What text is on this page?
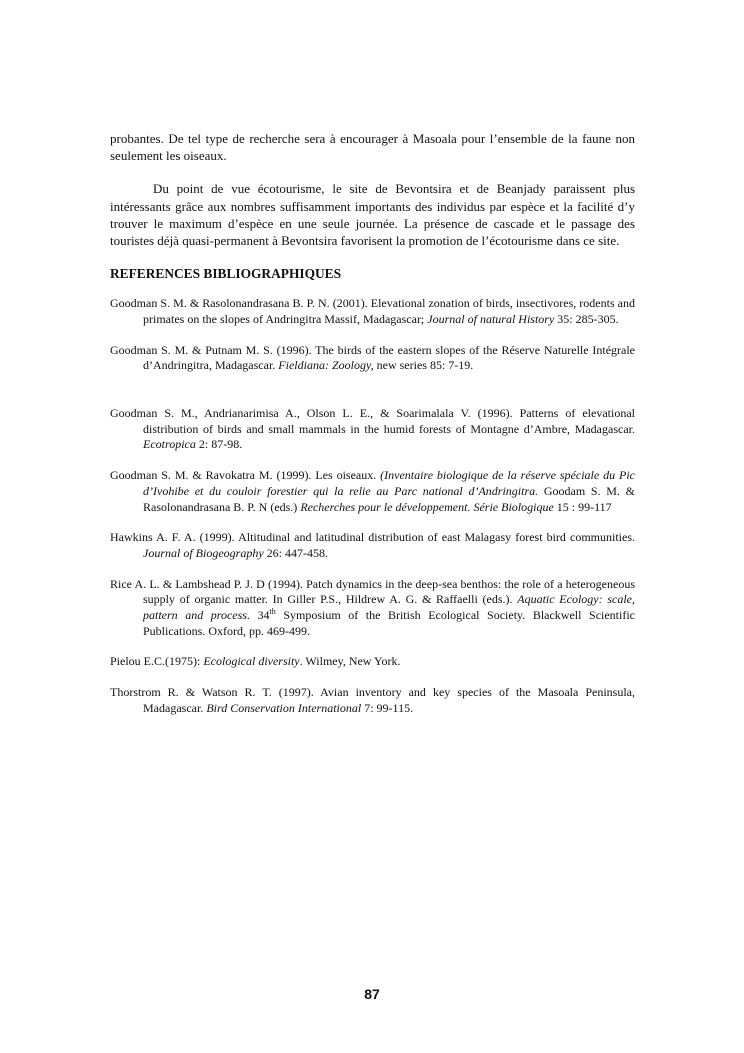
probantes. De tel type de recherche sera à encourager à Masoala pour l’ensemble de la faune non seulement les oiseaux.

Du point de vue écotourisme, le site de Bevontsira et de Beanjady paraissent plus intéressants grâce aux nombres suffisamment importants des individus par espèce et la facilité d’y trouver le maximum d’espèce en une seule journée. La présence de cascade et le passage des touristes déjà quasi-permanent à Bevontsira favorisent la promotion de l’écotourisme dans ce site.

REFERENCES BIBLIOGRAPHIQUES

Goodman S. M. & Rasolonandrasana B. P. N. (2001). Elevational zonation of birds, insectivores, rodents and primates on the slopes of Andringitra Massif, Madagascar; Journal of natural History 35: 285-305.

Goodman S. M. & Putnam M. S. (1996). The birds of the eastern slopes of the Réserve Naturelle Intégrale d’Andringitra, Madagascar. Fieldiana: Zoology, new series 85: 7-19.

Goodman S. M., Andrianarimisa A., Olson L. E., & Soarimalala V. (1996). Patterns of elevational distribution of birds and small mammals in the humid forests of Montagne d’Ambre, Madagascar. Ecotropica 2: 87-98.

Goodman S. M. & Ravokatra M. (1999). Les oiseaux. (Inventaire biologique de la réserve spéciale du Pic d’Ivohibe et du couloir forestier qui la relie au Parc national d’Andringitra. Goodam S. M. & Rasolonandrasana B. P. N (eds.) Recherches pour le développement. Série Biologique 15 : 99-117

Hawkins A. F. A. (1999). Altitudinal and latitudinal distribution of east Malagasy forest bird communities. Journal of Biogeography 26: 447-458.

Rice A. L. & Lambshead P. J. D (1994). Patch dynamics in the deep-sea benthos: the role of a heterogeneous supply of organic matter. In Giller P.S., Hildrew A. G. & Raffaelli (eds.). Aquatic Ecology: scale, pattern and process. 34th Symposium of the British Ecological Society. Blackwell Scientific Publications. Oxford, pp. 469-499.

Pielou E.C.(1975): Ecological diversity. Wilmey, New York.

Thorstrom R. & Watson R. T. (1997). Avian inventory and key species of the Masoala Peninsula, Madagascar. Bird Conservation International 7: 99-115.

87
